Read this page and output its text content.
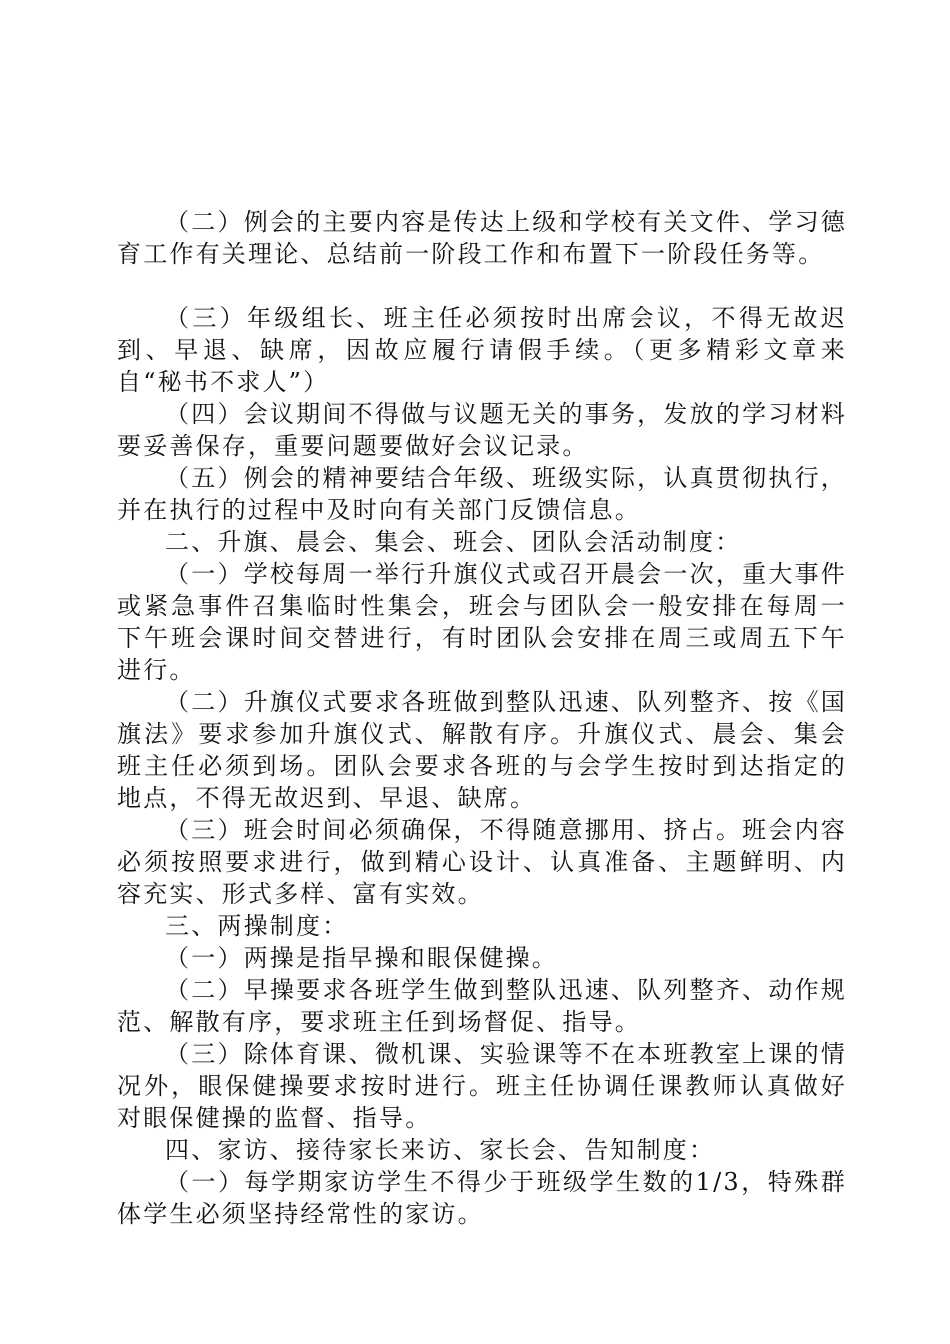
（二）例会的主要内容是传达上级和学校有关文件、学习德育工作有关理论、总结前一阶段工作和布置下一阶段任务等。

（三）年级组长、班主任必须按时出席会议，不得无故迟到、早退、缺席，因故应履行请假手续。（更多精彩文章来自“秘书不求人”）

（四）会议期间不得做与议题无关的事务，发放的学习材料要妥善保存，重要问题要做好会议记录。

（五）例会的精神要结合年级、班级实际，认真贯彻执行，并在执行的过程中及时向有关部门反馈信息。

二、升旗、晨会、集会、班会、团队会活动制度：

（一）学校每周一举行升旗仪式或召开晨会一次，重大事件或紧急事件召集临时性集会，班会与团队会一般安排在每周一下午班会课时间交替进行，有时团队会安排在周三或周五下午进行。

（二）升旗仪式要求各班做到整队迅速、队列整齐、按《国旗法》要求参加升旗仪式、解散有序。升旗仪式、晨会、集会班主任必须到场。团队会要求各班的与会学生按时到达指定的地点，不得无故迟到、早退、缺席。

（三）班会时间必须确保，不得随意挪用、挤占。班会内容必须按照要求进行，做到精心设计、认真准备、主题鲜明、内容充实、形式多样、富有实效。

三、两操制度：

（一）两操是指早操和眼保健操。

（二）早操要求各班学生做到整队迅速、队列整齐、动作规范、解散有序，要求班主任到场督促、指导。

（三）除体育课、微机课、实验课等不在本班教室上课的情况外，眼保健操要求按时进行。班主任协调任课教师认真做好对眼保健操的监督、指导。

四、家访、接待家长来访、家长会、告知制度：

（一）每学期家访学生不得少于班级学生数的1/3，特殊群体学生必须坚持经常性的家访。
